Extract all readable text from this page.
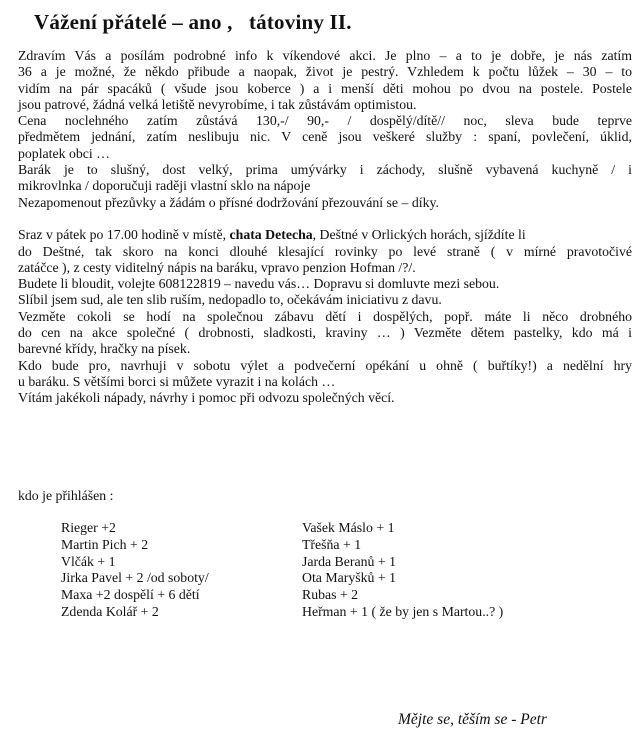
Vážení přátelé – ano ,   tátoviny II.
Zdravím Vás a posílám podrobné info k víkendové akci. Je plno – a to je dobře, je nás zatím
36 a je možné, že někdo přibude a naopak, život je pestrý. Vzhledem k počtu lůžek – 30 – to
vidím na pár spacáků ( všude jsou koberce ) a i menší děti mohou po dvou na postele. Postele
jsou patrové, žádná velká letiště nevyrobíme, i tak zůstávám optimistou.
Cena noclehného zatím zůstává 130,-/ 90,- / dospělý/dítě// noc, sleva bude teprve
předmětem jednání, zatím neslibuju nic. V ceně jsou veškeré služby : spaní, povlečení, úklid,
poplatek obci …
Barák je to slušný, dost velký, prima umývárky i záchody, slušně vybavená kuchyně / i
mikrovlnka / doporučuji raději vlastní sklo na nápoje
Nezapomenout přezůvky a žádám o přísné dodržování přezouvání se – díky.
Sraz v pátek po 17.00 hodině v místě, chata Detecha, Deštné v Orlických horách, sjíždíte li
do Deštné, tak skoro na konci dlouhé klesající rovinky po levé straně ( v mírné pravotočivé
zatáčce ), z cesty viditelný nápis na baráku, vpravo penzion Hofman /?/.
Budete li bloudit, volejte 608122819 – navedu vás… Dopravu si domluvte mezi sebou.
Slíbil jsem sud, ale ten slib ruším, nedopadlo to, očekávám iniciativu z davu.
Vezměte cokoli se hodí na společnou zábavu dětí i dospělých, popř. máte li něco drobného
do cen na akce společné ( drobnosti, sladkosti, kraviny … ) Vezměte dětem pastelky, kdo má i
barevné křídy, hračky na písek.
Kdo bude pro, navrhuji v sobotu výlet a podvečerní opékání u ohně ( buřtíky!) a nedělní hry
u baráku. S většími borci si můžete vyrazit i na kolách …
Vítám jakékoli nápady, návrhy i pomoc při odvozu společných věcí.
kdo je přihlášen :
Rieger +2
Martin Pich + 2
Vlčák + 1
Jirka Pavel + 2 /od soboty/
Maxa +2 dospělí + 6 dětí
Zdenda Kolář + 2
Vašek Máslo + 1
Třešňa + 1
Jarda Beranů + 1
Ota Maryšků + 1
Rubas + 2
Heřman + 1 ( že by jen s Martou..? )
Mějte se, těším se - Petr
